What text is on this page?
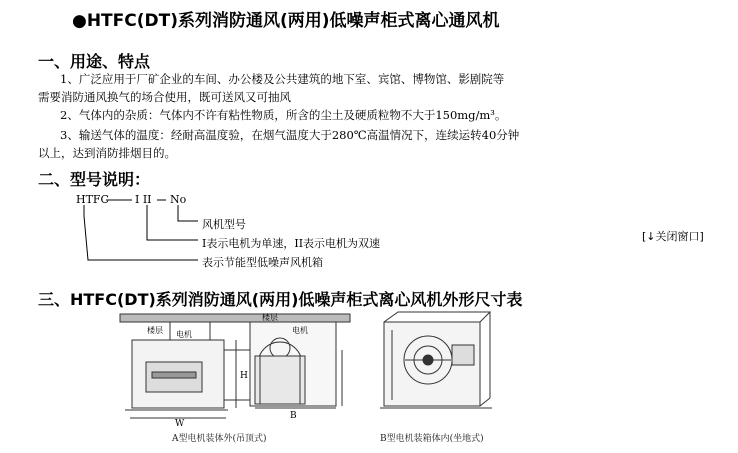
●HTFC(DT)系列消防通风(两用)低噪声柜式离心通风机
一、用途、特点
1、广泛应用于厂矿企业的车间、办公楼及公共建筑的地下室、宾馆、博物馆、影剧院等
需要消防通风换气的场合使用，既可送风又可抽风
2、气体内的杂质：气体内不许有粘性物质，所含的尘土及硬质粒物不大于150mg/m³。
3、输送气体的温度：经耐高温度验，在烟气温度大于280℃高温情况下，连续运转40分钟
以上，达到消防排烟目的。
二、型号说明：
HTFC I II No
风机型号
I表示电机为单速，II表示电机为双速
表示节能型低噪声风机箱
[↓关闭窗口]
三、HTFC(DT)系列消防通风(两用)低噪声柜式离心风机外形尺寸表
楼层 电机
W
H
楼层
电机
B
A型电机装体外(吊顶式)	B型电机装箱体内(坐地式)
